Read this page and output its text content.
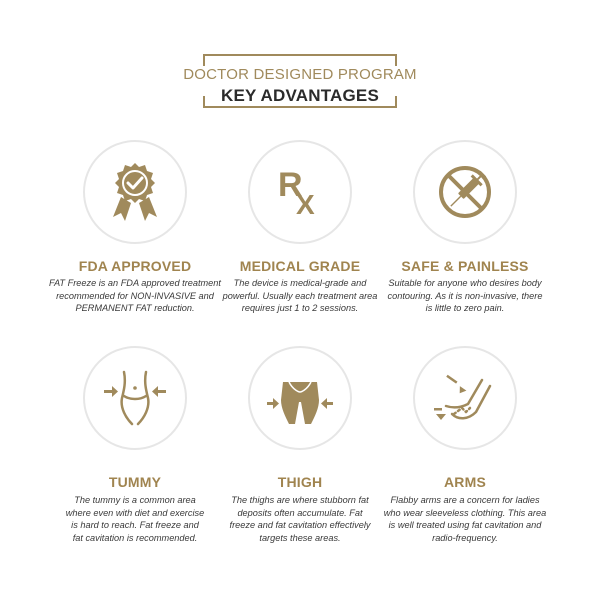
DOCTOR DESIGNED PROGRAM
KEY ADVANTAGES
FDA APPROVED
FAT Freeze is an FDA approved treatment
recommended for NON-INVASIVE and
PERMANENT FAT reduction.
R
X
MEDICAL GRADE
The device is medical-grade and
powerful. Usually each treatment area
requires just 1 to 2 sessions.
SAFE & PAINLESS
Suitable for anyone who desires body
contouring. As it is non-invasive, there
is little to zero pain.
TUMMY
The tummy is a common area
where even with diet and exercise
is hard to reach. Fat freeze and
fat cavitation is recommended.
THIGH
The thighs are where stubborn fat
deposits often accumulate. Fat
freeze and fat cavitation effectively
targets these areas.
ARMS
Flabby arms are a concern for ladies
who wear sleeveless clothing. This area
is well treated using fat cavitation and
radio-frequency.
